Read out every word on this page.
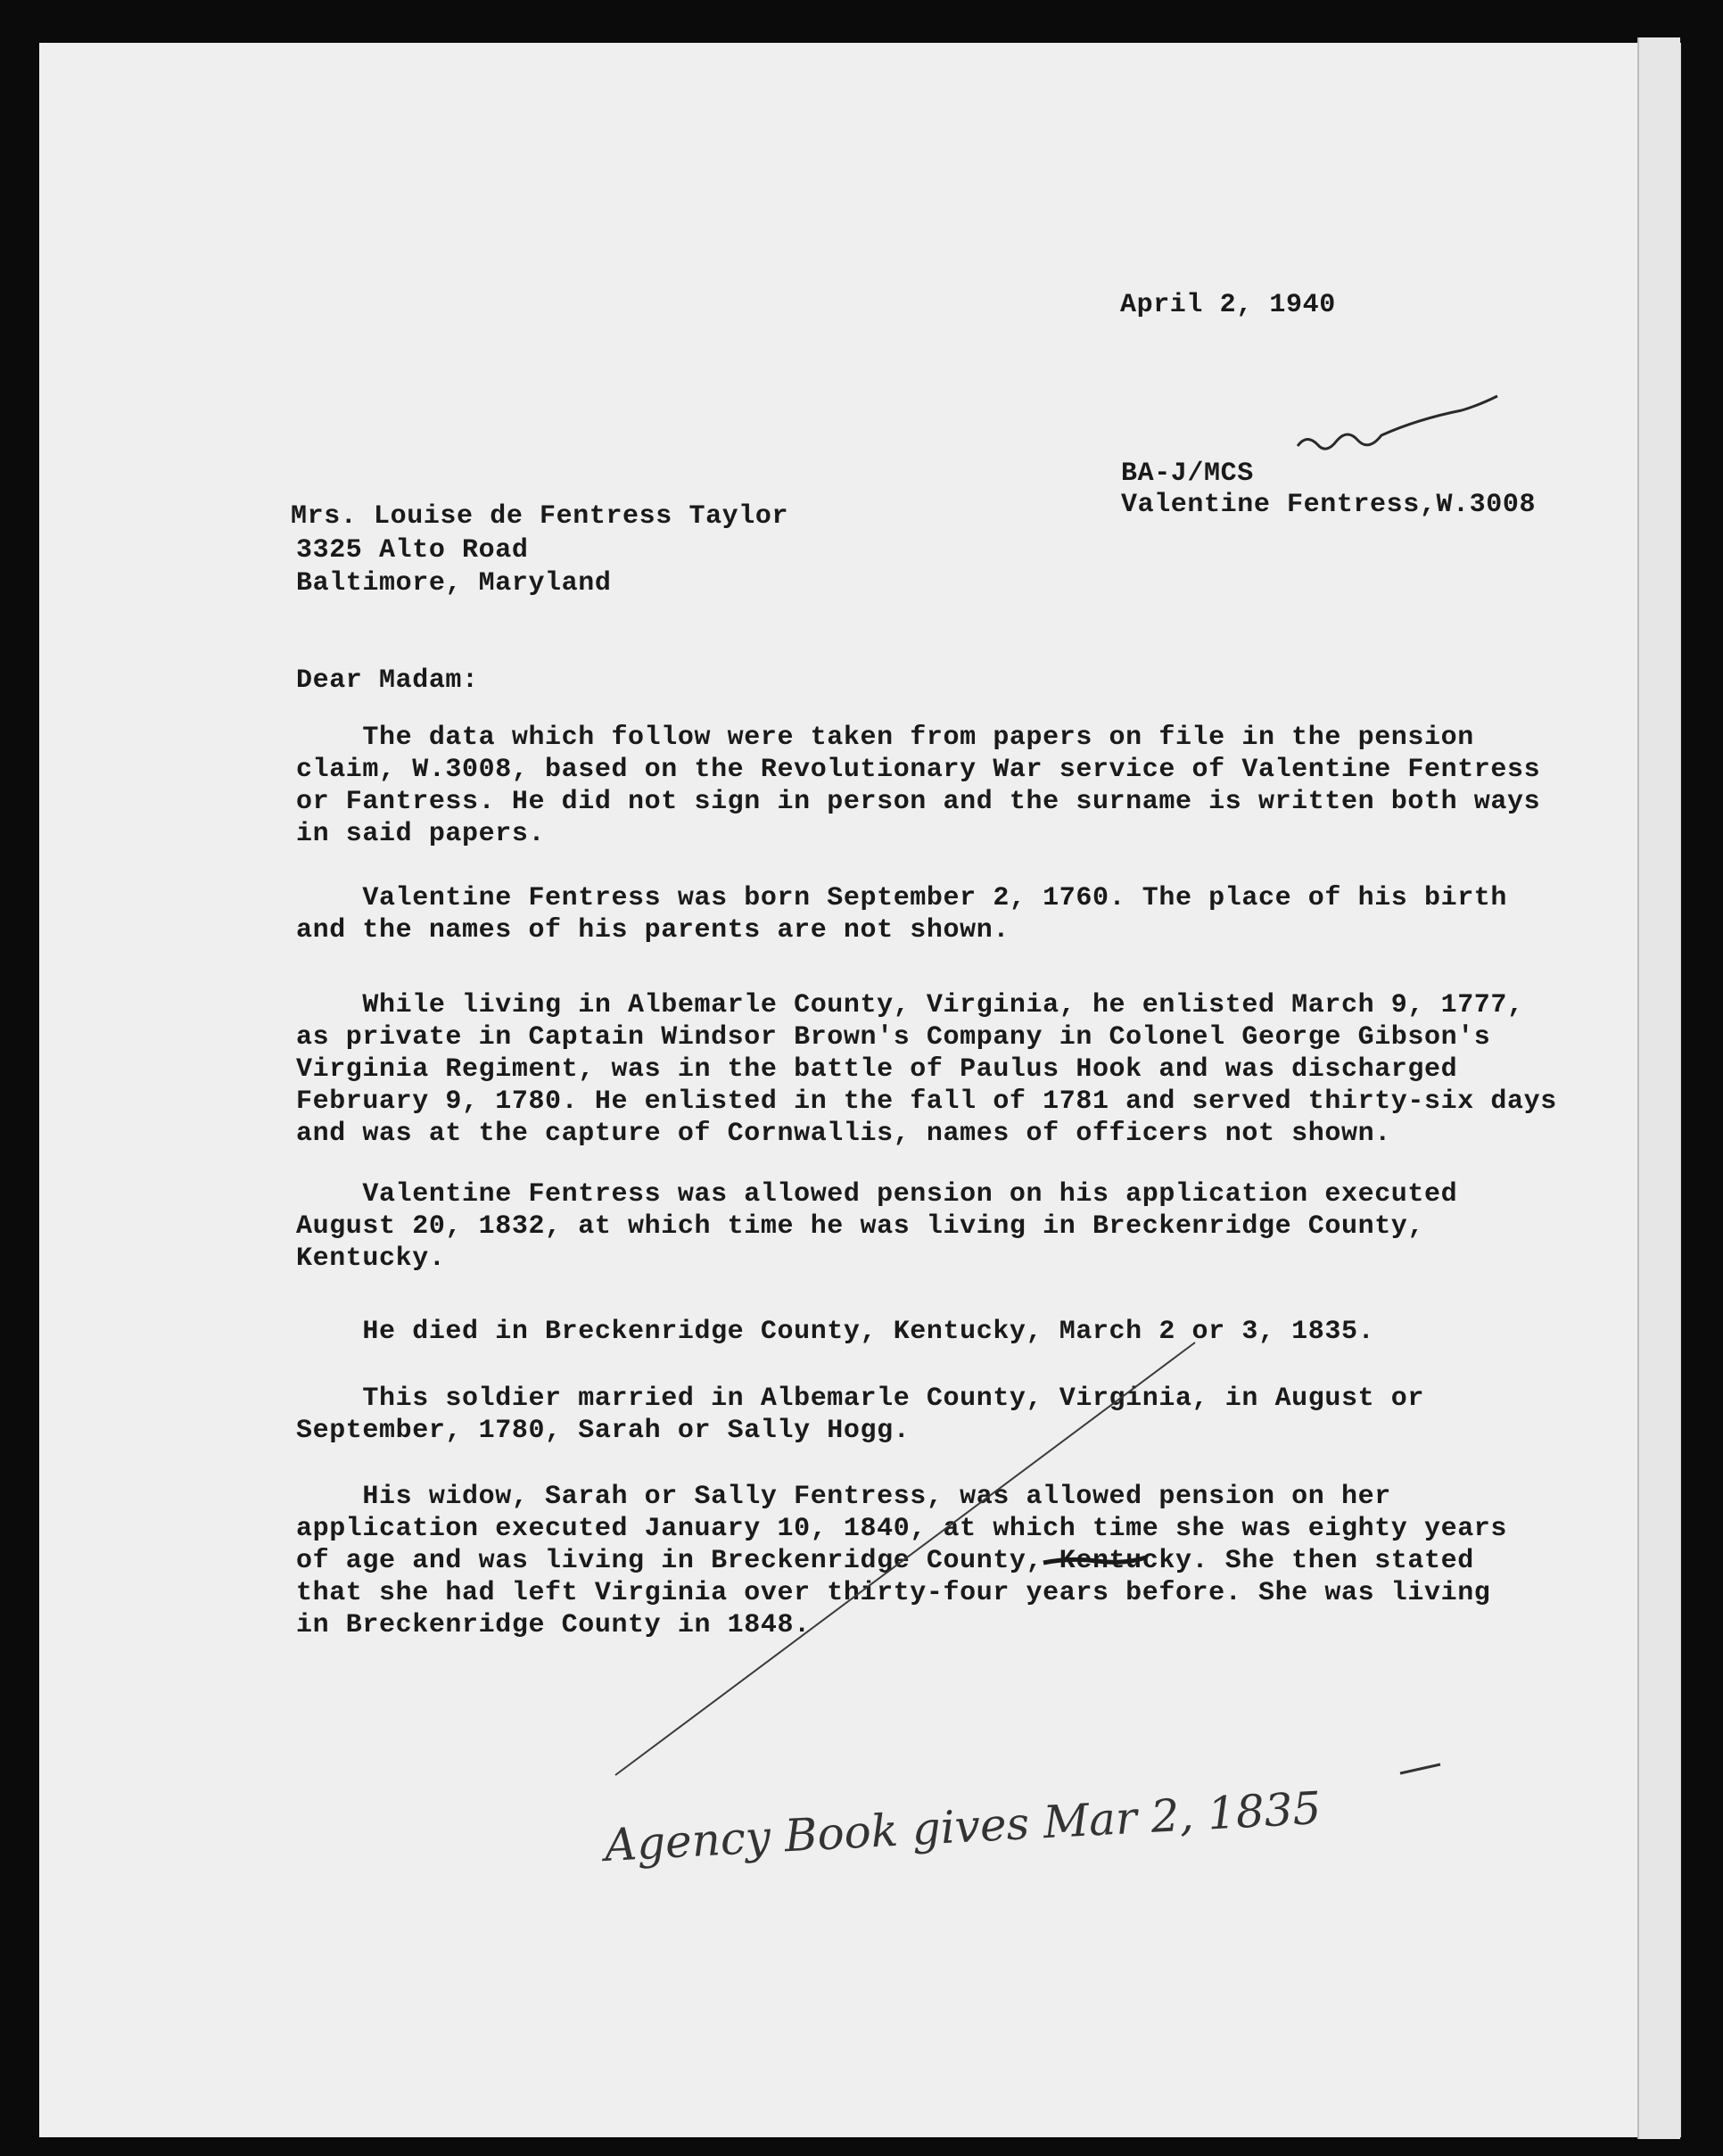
April 2, 1940

BA-J/MCS

Valentine Fentress,W.3008

Mrs. Louise de Fentress Taylor

3325 Alto Road

Baltimore, Maryland

Dear Madam:

The data which follow were taken from papers on file in the pension

claim, W.3008, based on the Revolutionary War service of Valentine Fentress

or Fantress. He did not sign in person and the surname is written both ways

in said papers.

Valentine Fentress was born September 2, 1760. The place of his birth

and the names of his parents are not shown.

While living in Albemarle County, Virginia, he enlisted March 9, 1777,

as private in Captain Windsor Brown's Company in Colonel George Gibson's

Virginia Regiment, was in the battle of Paulus Hook and was discharged

February 9, 1780. He enlisted in the fall of 1781 and served thirty-six days

and was at the capture of Cornwallis, names of officers not shown.

Valentine Fentress was allowed pension on his application executed

August 20, 1832, at which time he was living in Breckenridge County,

Kentucky.

He died in Breckenridge County, Kentucky, March 2 or 3, 1835.

This soldier married in Albemarle County, Virginia, in August or

September, 1780, Sarah or Sally Hogg.

His widow, Sarah or Sally Fentress, was allowed pension on her

application executed January 10, 1840, at which time she was eighty years

of age and was living in Breckenridge County, Kentucky. She then stated

that she had left Virginia over thirty-four years before. She was living

in Breckenridge County in 1848.

Agency Book gives Mar 2, 1835
